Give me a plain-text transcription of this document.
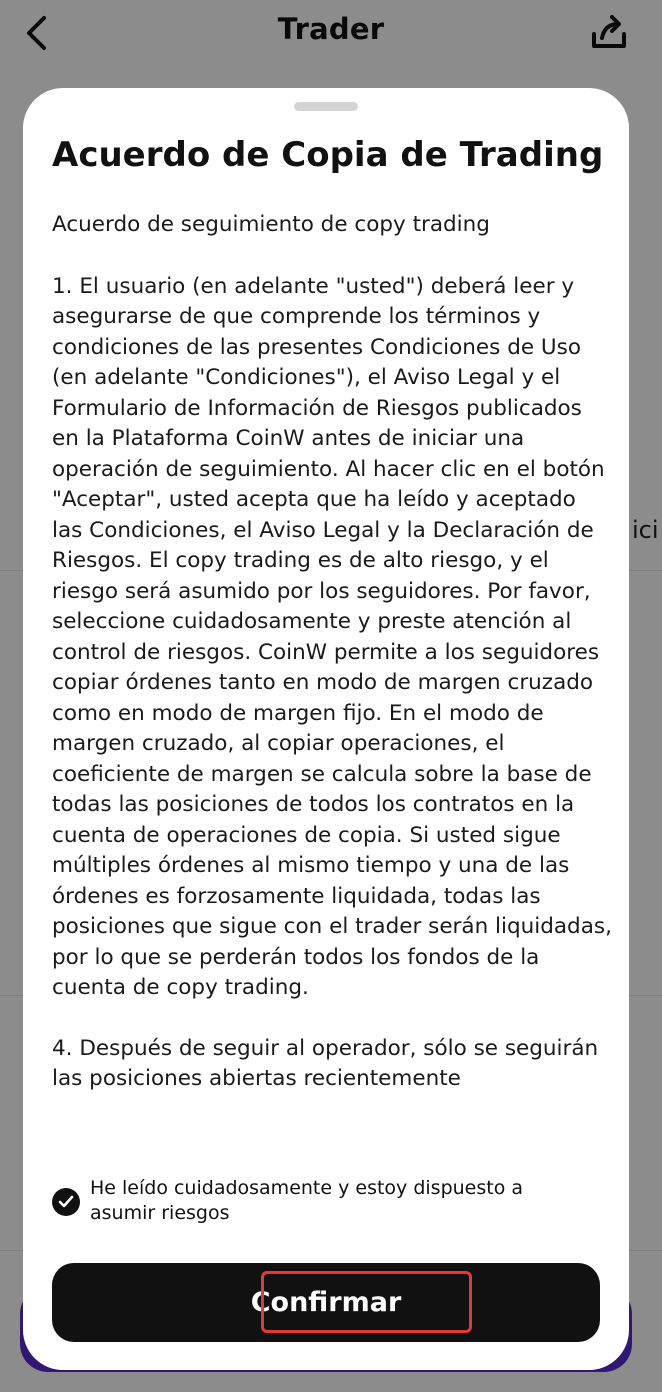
Trader
ici
Acuerdo de Copia de Trading

Acuerdo de seguimiento de copy trading

1. El usuario (en adelante "usted") deberá leer y asegurarse de que comprende los términos y condiciones de las presentes Condiciones de Uso (en adelante "Condiciones"), el Aviso Legal y el Formulario de Información de Riesgos publicados en la Plataforma CoinW antes de iniciar una operación de seguimiento. Al hacer clic en el botón "Aceptar", usted acepta que ha leído y aceptado las Condiciones, el Aviso Legal y la Declaración de Riesgos. El copy trading es de alto riesgo, y el riesgo será asumido por los seguidores. Por favor, seleccione cuidadosamente y preste atención al control de riesgos. CoinW permite a los seguidores copiar órdenes tanto en modo de margen cruzado como en modo de margen fijo. En el modo de margen cruzado, al copiar operaciones, el coeficiente de margen se calcula sobre la base de todas las posiciones de todos los contratos en la cuenta de operaciones de copia. Si usted sigue múltiples órdenes al mismo tiempo y una de las órdenes es forzosamente liquidada, todas las posiciones que sigue con el trader serán liquidadas, por lo que se perderán todos los fondos de la cuenta de copy trading.

4. Después de seguir al operador, sólo se seguirán las posiciones abiertas recientemente

He leído cuidadosamente y estoy dispuesto a asumir riesgos
Confirmar
